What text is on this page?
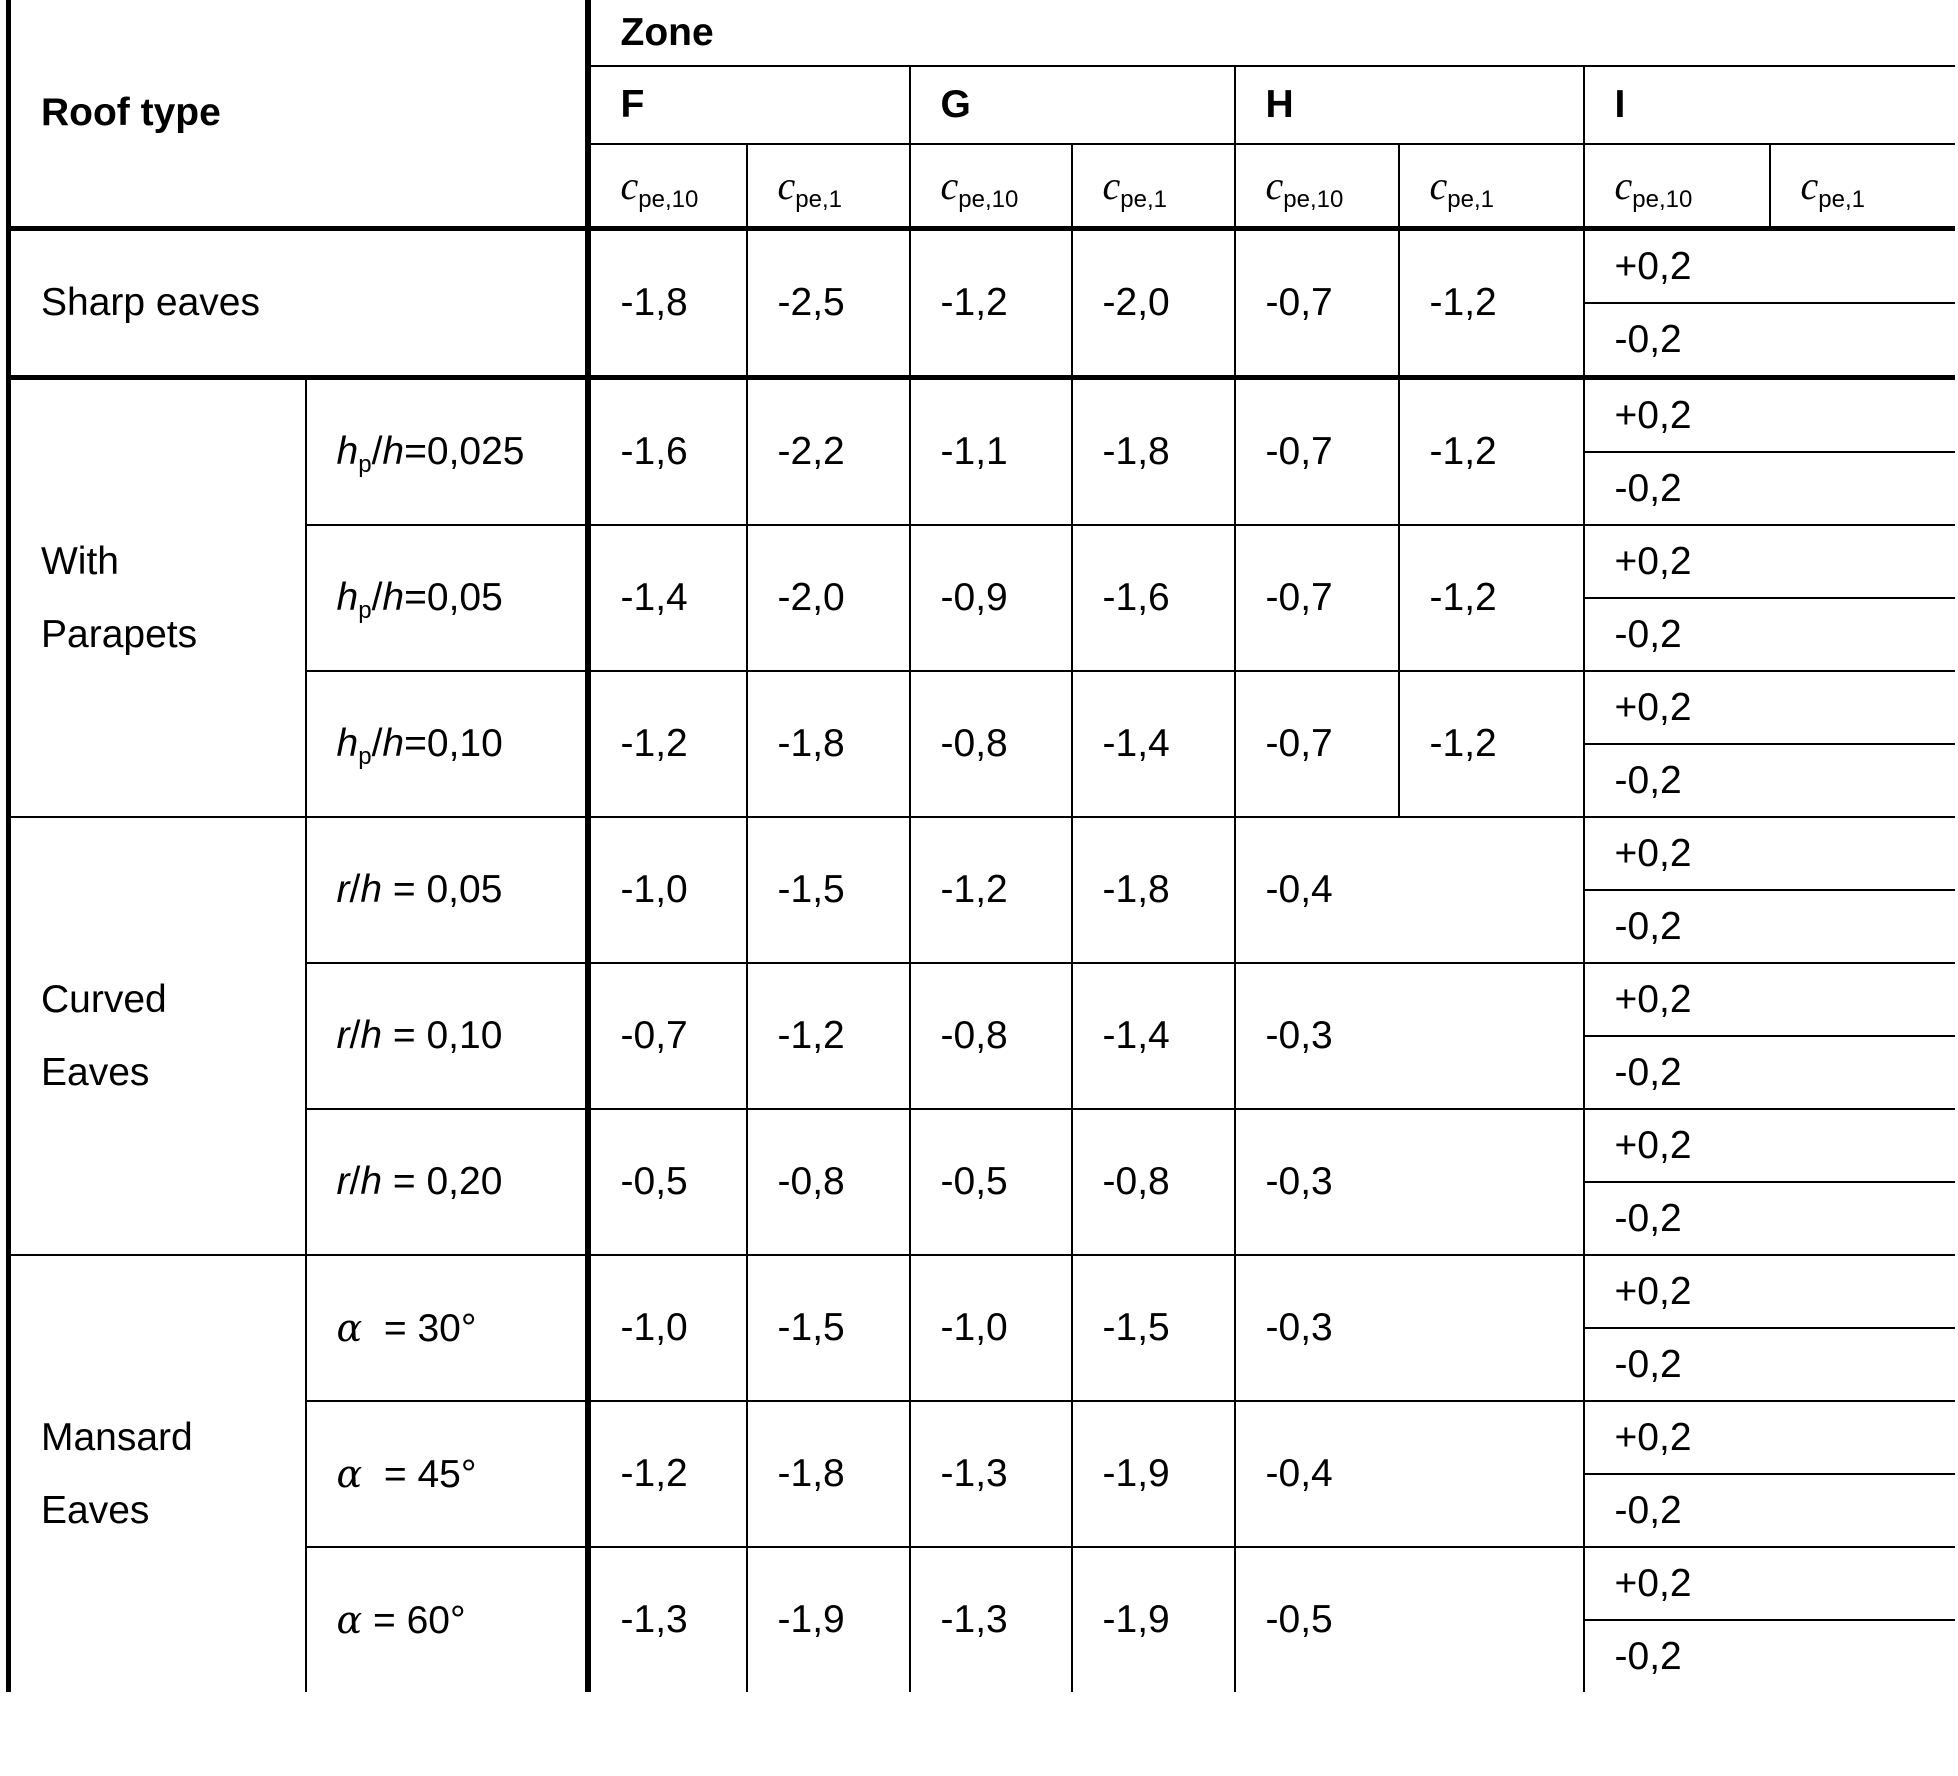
Roof type		Zone							
		F		G		H		I	
		$c_{pe,10}$	$c_{pe,1}$	$c_{pe,10}$	$c_{pe,1}$	$c_{pe,10}$	$c_{pe,1}$	$c_{pe,10}$	$c_{pe,1}$
Sharp eaves		-1,8	-2,5	-1,2	-2,0	-0,7	-1,2	+0,2	
								-0,2	
With
Parapets	$h_p/h=0,025$	-1,6	-2,2	-1,1	-1,8	-0,7	-1,2	+0,2	
								-0,2	
	$h_p/h=0,05$	-1,4	-2,0	-0,9	-1,6	-0,7	-1,2	+0,2	
								-0,2	
	$h_p/h=0,10$	-1,2	-1,8	-0,8	-1,4	-0,7	-1,2	+0,2	
								-0,2	
Curved
Eaves	r/h = 0,05	-1,0	-1,5	-1,2	-1,8	-0,4		+0,2	
								-0,2	
	r/h = 0,10	-0,7	-1,2	-0,8	-1,4	-0,3		+0,2	
								-0,2	
	r/h = 0,20	-0,5	-0,8	-0,5	-0,8	-0,3		+0,2	
								-0,2	
Mansard
Eaves	α  = 30°	-1,0	-1,5	-1,0	-1,5	-0,3		+0,2	
								-0,2	
	α  = 45°	-1,2	-1,8	-1,3	-1,9	-0,4		+0,2	
								-0,2	
	α = 60°	-1,3	-1,9	-1,3	-1,9	-0,5		+0,2	
								-0,2	
